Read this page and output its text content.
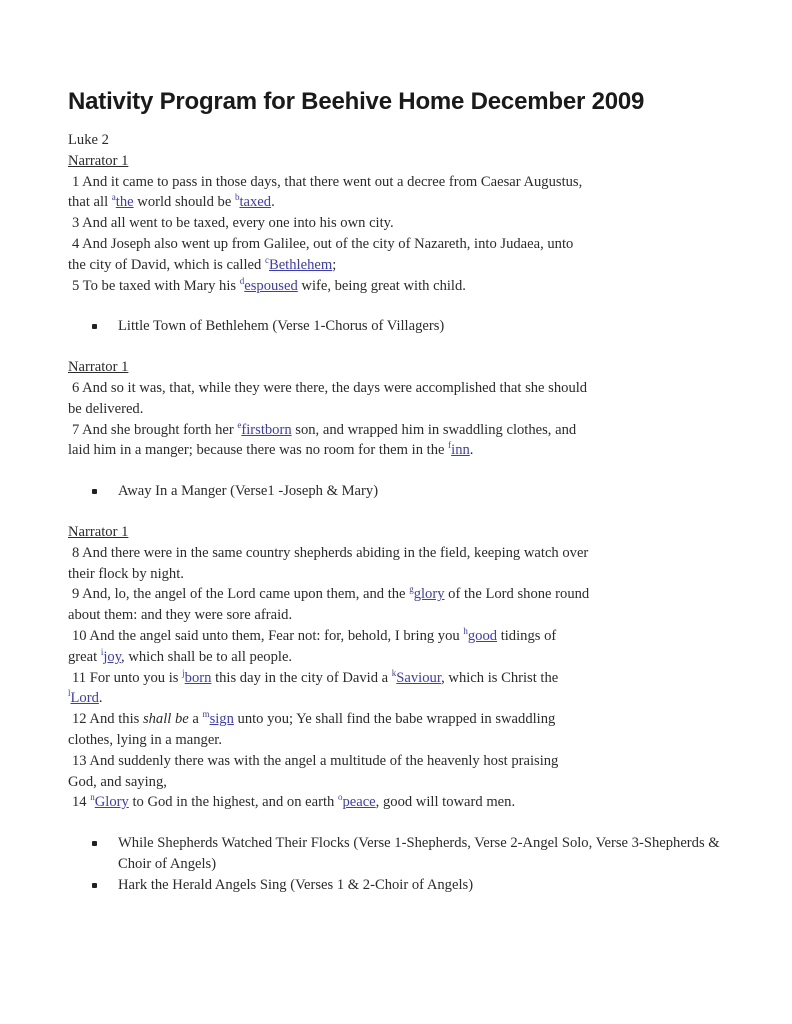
Nativity Program for Beehive Home December 2009
Luke 2
Narrator 1
1 And it came to pass in those days, that there went out a decree from Caesar Augustus,
that all $^a$the world should be $^b$taxed.
3 And all went to be taxed, every one into his own city.
4 And Joseph also went up from Galilee, out of the city of Nazareth, into Judaea, unto
the city of David, which is called $^c$Bethlehem;
5 To be taxed with Mary his $^d$espoused wife, being great with child.
Little Town of Bethlehem (Verse 1-Chorus of Villagers)
Narrator 1
6 And so it was, that, while they were there, the days were accomplished that she should
be delivered.
7 And she brought forth her $^e$firstborn son, and wrapped him in swaddling clothes, and
laid him in a manger; because there was no room for them in the $^f$inn.
Away In a Manger (Verse1 -Joseph & Mary)
Narrator 1
8 And there were in the same country shepherds abiding in the field, keeping watch over
their flock by night.
9 And, lo, the angel of the Lord came upon them, and the $^g$glory of the Lord shone round
about them: and they were sore afraid.
10 And the angel said unto them, Fear not: for, behold, I bring you $^h$good tidings of
great $^i$joy, which shall be to all people.
11 For unto you is $^j$born this day in the city of David a $^k$Saviour, which is Christ the
$^l$Lord.
12 And this shall be a $^m$sign unto you; Ye shall find the babe wrapped in swaddling
clothes, lying in a manger.
13 And suddenly there was with the angel a multitude of the heavenly host praising
God, and saying,
14 $^n$Glory to God in the highest, and on earth $^o$peace, good will toward men.
While Shepherds Watched Their Flocks (Verse 1-Shepherds, Verse 2-Angel Solo, Verse 3-Shepherds & Choir of Angels)
Hark the Herald Angels Sing (Verses 1 & 2-Choir of Angels)
